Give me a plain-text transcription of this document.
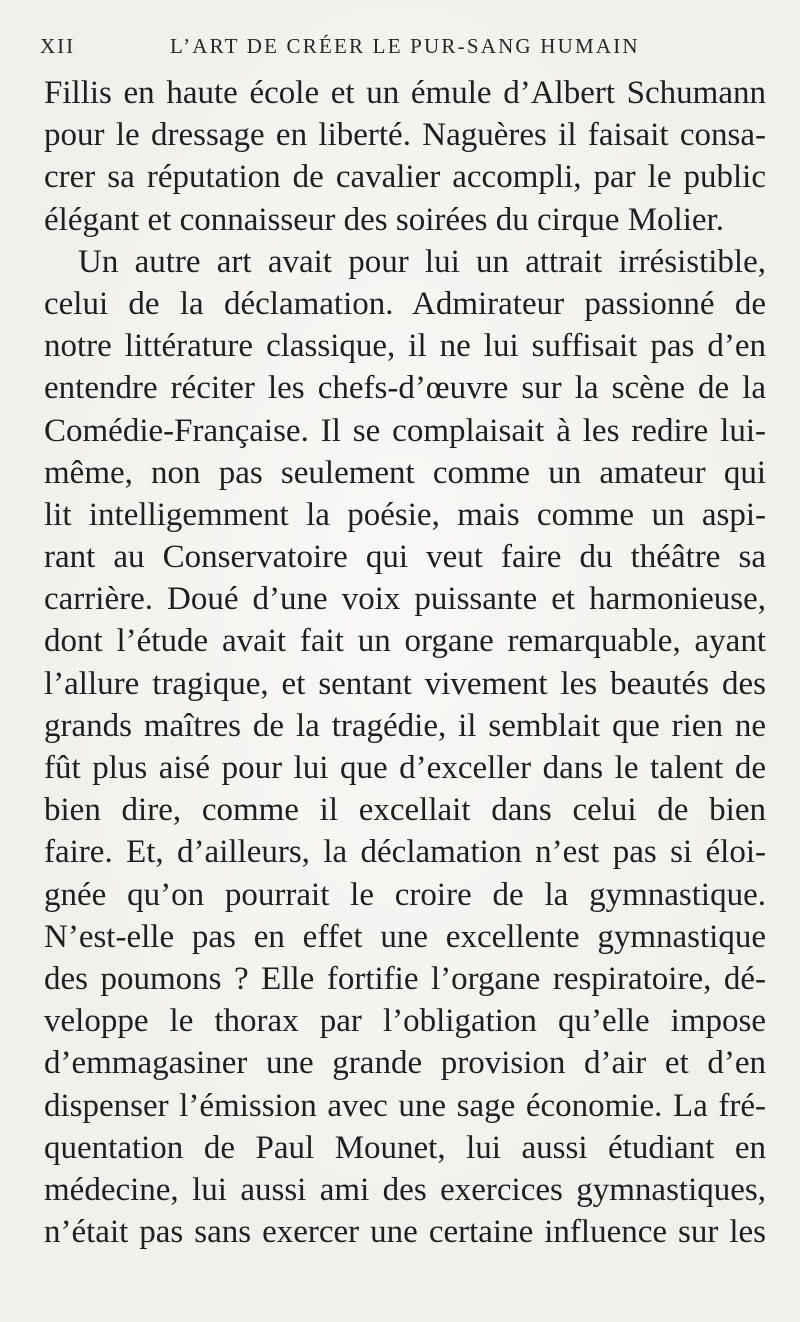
XII	L’ART DE CRÉER LE PUR-SANG HUMAIN
Fillis en haute école et un émule d’Albert Schumann
pour le dressage en liberté. Naguères il faisait consa-
crer sa réputation de cavalier accompli, par le public
élégant et connaisseur des soirées du cirque Molier.
Un autre art avait pour lui un attrait irrésistible,
celui de la déclamation. Admirateur passionné de
notre littérature classique, il ne lui suffisait pas d’en
entendre réciter les chefs-d’œuvre sur la scène de la
Comédie-Française. Il se complaisait à les redire lui-
même, non pas seulement comme un amateur qui
lit intelligemment la poésie, mais comme un aspi-
rant au Conservatoire qui veut faire du théâtre sa
carrière. Doué d’une voix puissante et harmonieuse,
dont l’étude avait fait un organe remarquable, ayant
l’allure tragique, et sentant vivement les beautés des
grands maîtres de la tragédie, il semblait que rien ne
fût plus aisé pour lui que d’exceller dans le talent de
bien dire, comme il excellait dans celui de bien
faire. Et, d’ailleurs, la déclamation n’est pas si éloi-
gnée qu’on pourrait le croire de la gymnastique.
N’est-elle pas en effet une excellente gymnastique
des poumons ? Elle fortifie l’organe respiratoire, dé-
veloppe le thorax par l’obligation qu’elle impose
d’emmagasiner une grande provision d’air et d’en
dispenser l’émission avec une sage économie. La fré-
quentation de Paul Mounet, lui aussi étudiant en
médecine, lui aussi ami des exercices gymnastiques,
n’était pas sans exercer une certaine influence sur les
